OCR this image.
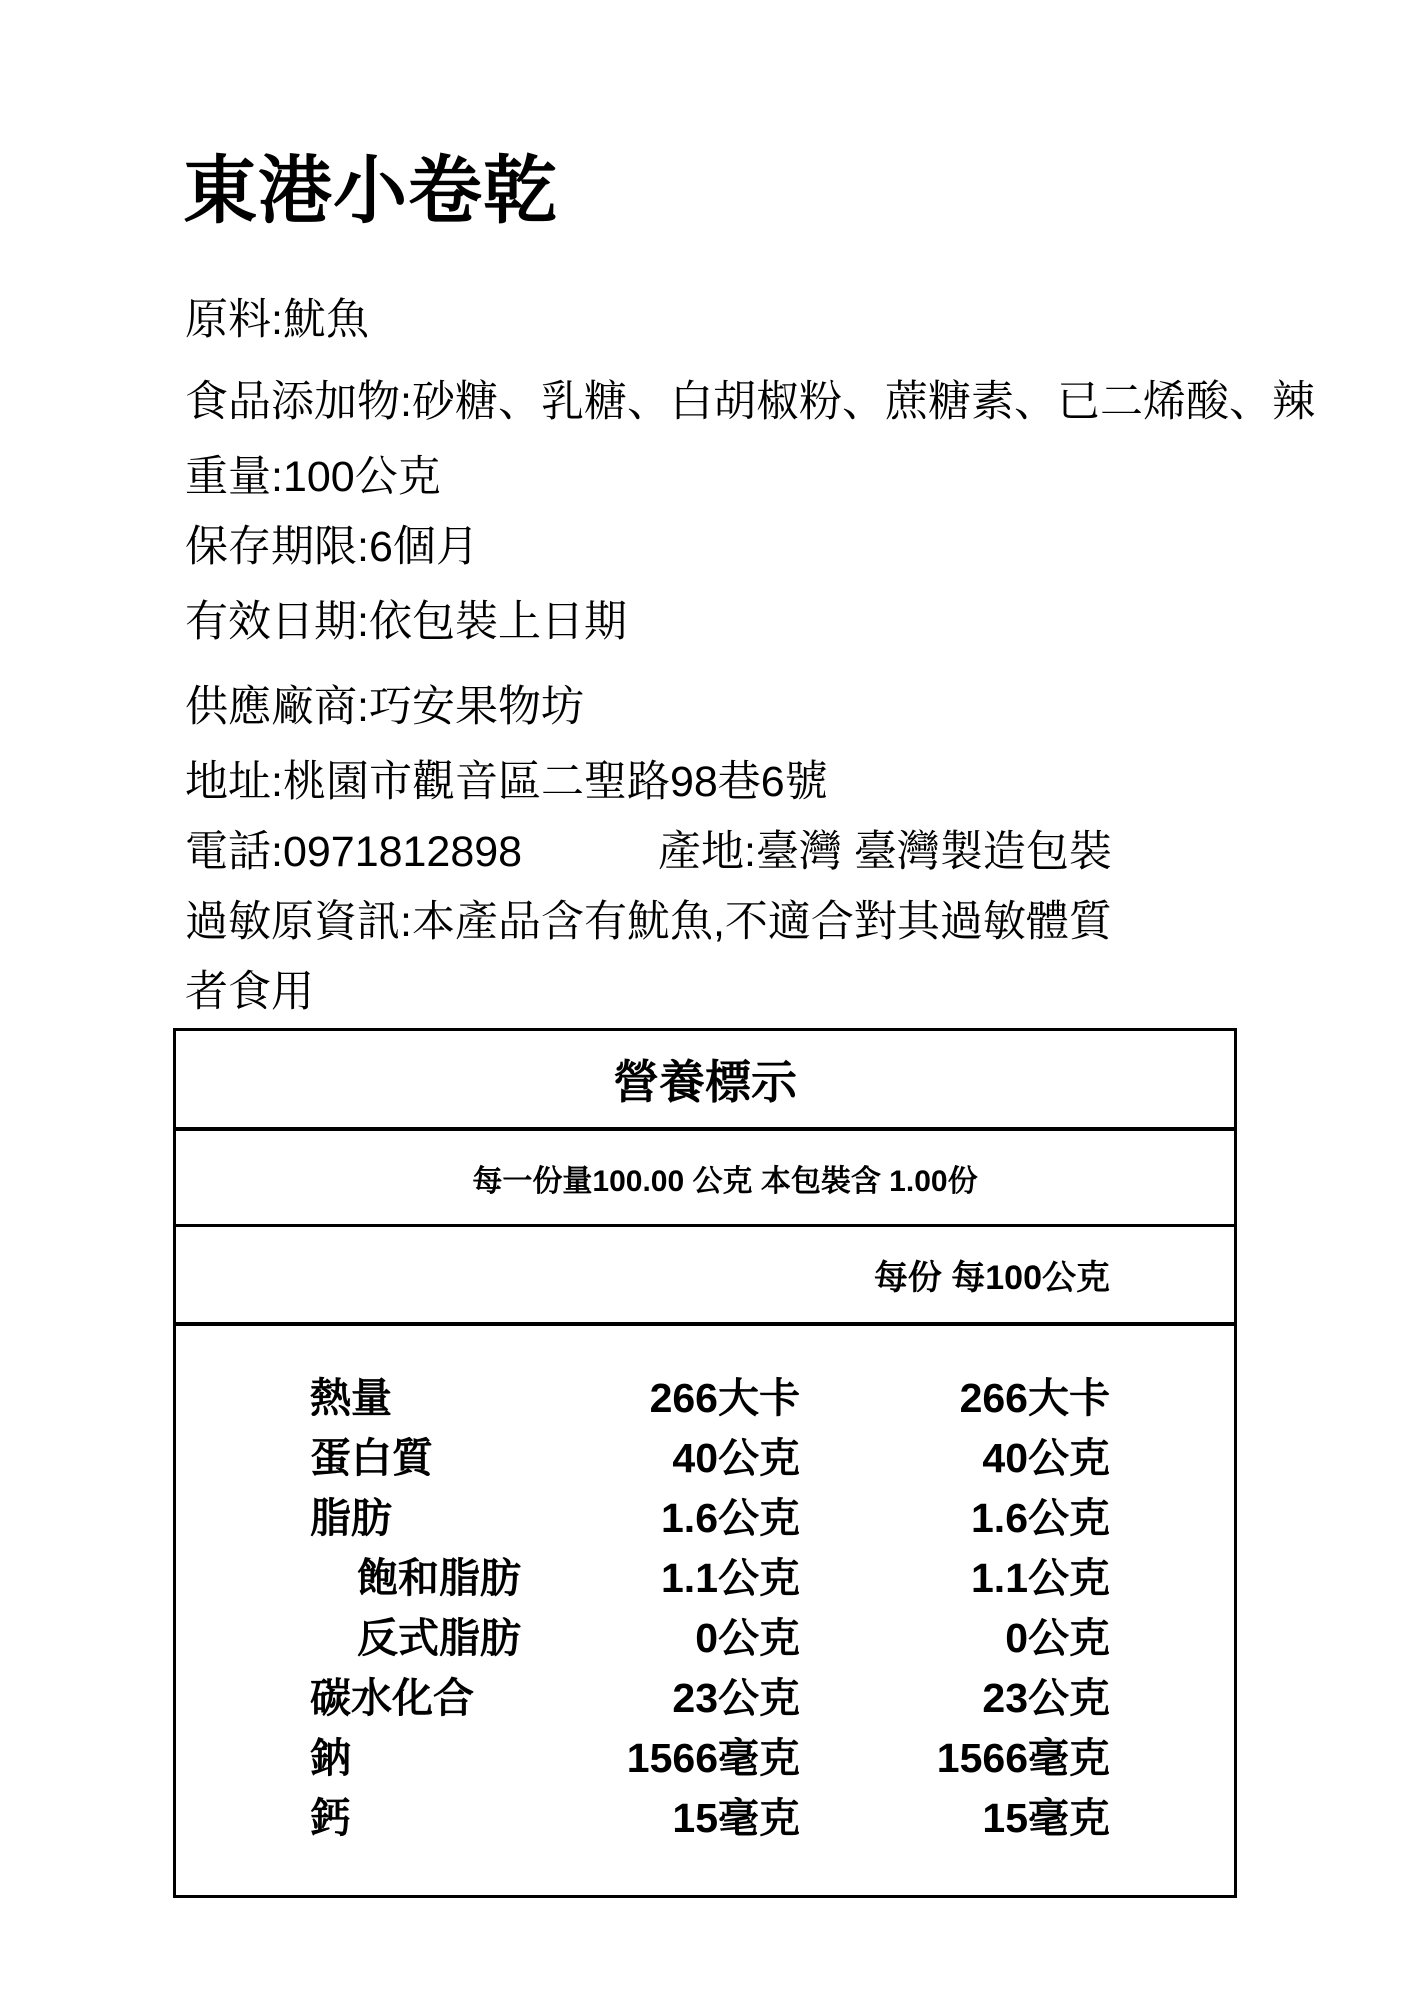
東港小卷乾
原料:魷魚
食品添加物:砂糖、乳糖、白胡椒粉、蔗糖素、已二烯酸、辣
重量:100公克
保存期限:6個月
有效日期:依包裝上日期
供應廠商:巧安果物坊
地址:桃園市觀音區二聖路98巷6號
電話:0971812898	產地:臺灣 臺灣製造包裝
過敏原資訊:本產品含有魷魚,不適合對其過敏體質
者食用
營養標示
每一份量100.00 公克 本包裝含 1.00份
每份 每100公克
熱量	266大卡	266大卡
蛋白質	40公克	40公克
脂肪	1.6公克	1.6公克
飽和脂肪	1.1公克	1.1公克
反式脂肪	0公克	0公克
碳水化合	23公克	23公克
鈉	1566毫克	1566毫克
鈣	15毫克	15毫克
